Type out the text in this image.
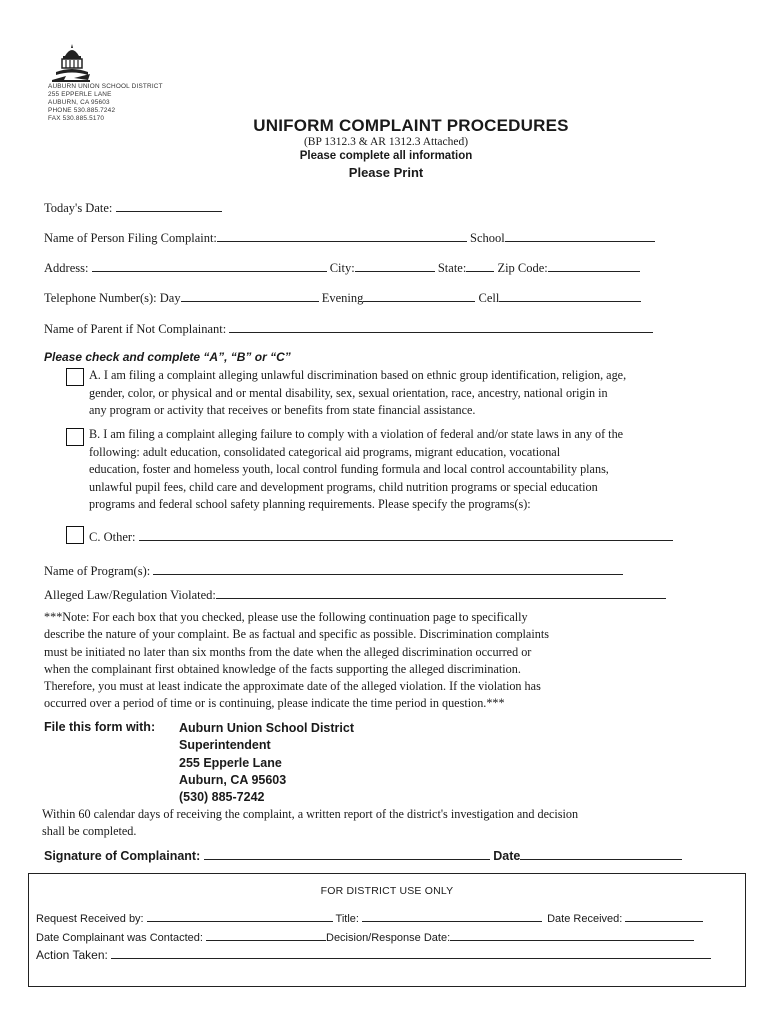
AUBURN UNION SCHOOL DISTRICT
255 EPPERLE LANE
AUBURN, CA 95603
PHONE 530.885.7242
FAX 530.885.5170	UNIFORM COMPLAINT PROCEDURES
(BP 1312.3 & AR 1312.3 Attached)
Please complete all information
Please Print
Today's Date:
Name of Person Filing Complaint:	School
Address:	City:	State: Zip Code:
Telephone Number(s): Day	Evening	Cell
Name of Parent if Not Complainant:
Please check and complete “A”, “B” or “C”
A. I am filing a complaint alleging unlawful discrimination based on ethnic group identification, religion, age,
gender, color, or physical and or mental disability, sex, sexual orientation, race, ancestry, national origin in
any program or activity that receives or benefits from state financial assistance.
B. I am filing a complaint alleging failure to comply with a violation of federal and/or state laws in any of the
following: adult education, consolidated categorical aid programs, migrant education, vocational
education, foster and homeless youth, local control funding formula and local control accountability plans,
unlawful pupil fees, child care and development programs, child nutrition programs or special education
programs and federal school safety planning requirements. Please specify the programs(s):
C. Other:
Name of Program(s):
Alleged Law/Regulation Violated:
***Note: For each box that you checked, please use the following continuation page to specifically
describe the nature of your complaint. Be as factual and specific as possible. Discrimination complaints
must be initiated no later than six months from the date when the alleged discrimination occurred or
when the complainant first obtained knowledge of the facts supporting the alleged discrimination.
Therefore, you must at least indicate the approximate date of the alleged violation. If the violation has
occurred over a period of time or is continuing, please indicate the time period in question.***
File this form with: Auburn Union School District
Superintendent
255 Epperle Lane
Auburn, CA 95603
(530) 885-7242
Within 60 calendar days of receiving the complaint, a written report of the district's investigation and decision
shall be completed.
Signature of Complainant:	Date
FOR DISTRICT USE ONLY
Request Received by:	Title:	Date Received:
Date Complainant was Contacted:	Decision/Response Date:
Action Taken:
